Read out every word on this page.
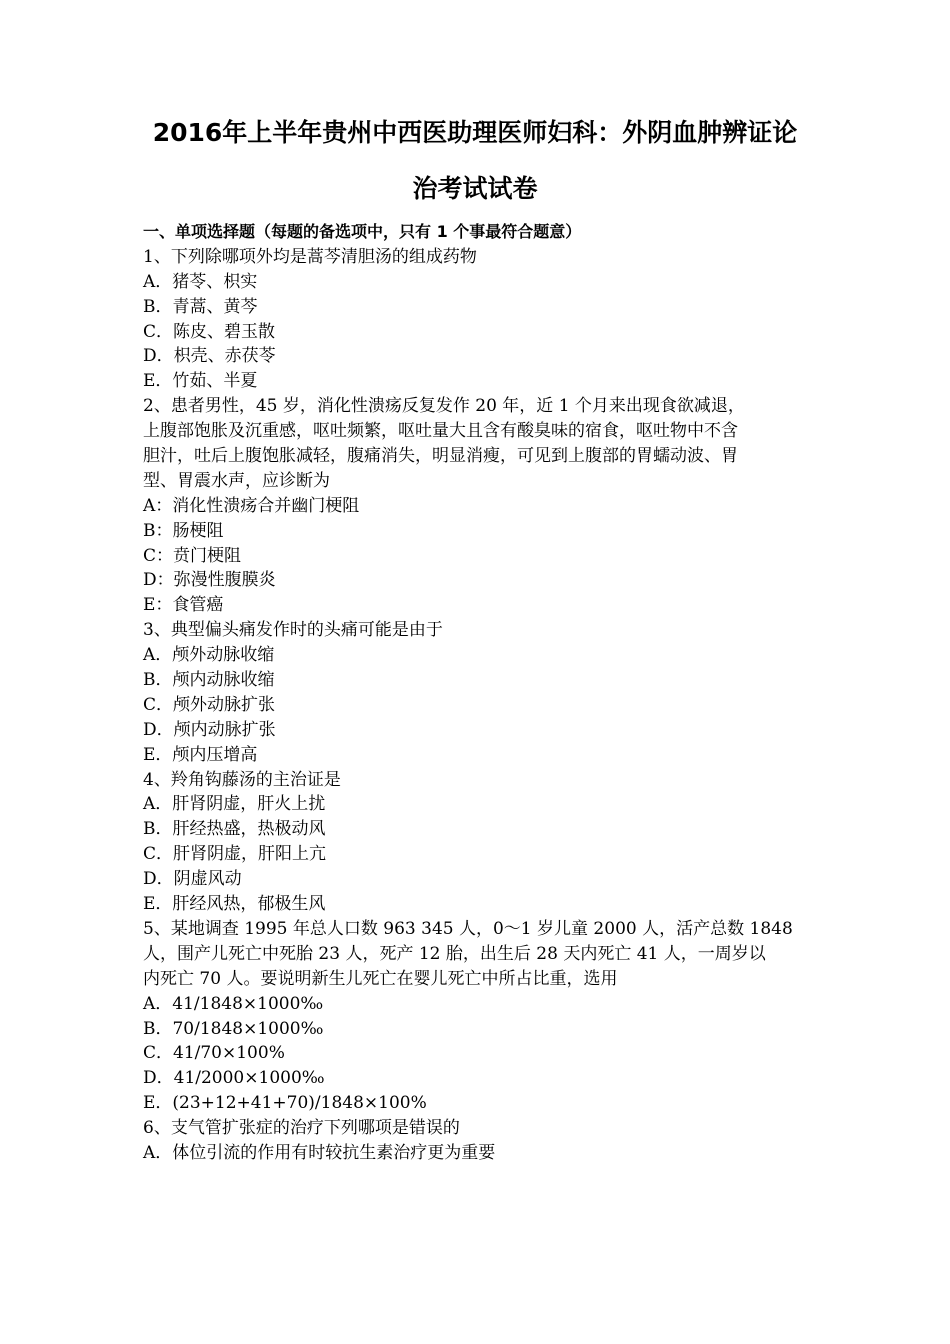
2016年上半年贵州中西医助理医师妇科：外阴血肿辨证论
治考试试卷
一、单项选择题（每题的备选项中，只有 1 个事最符合题意）
1、下列除哪项外均是蒿芩清胆汤的组成药物
A．猪苓、枳实
B．青蒿、黄芩
C．陈皮、碧玉散
D．枳壳、赤茯苓
E．竹茹、半夏
2、患者男性，45 岁，消化性溃疡反复发作 20 年，近 1 个月来出现食欲减退，
上腹部饱胀及沉重感，呕吐频繁，呕吐量大且含有酸臭味的宿食，呕吐物中不含
胆汁，吐后上腹饱胀减轻，腹痛消失，明显消瘦，可见到上腹部的胃蠕动波、胃
型、胃震水声，应诊断为
A：消化性溃疡合并幽门梗阻
B：肠梗阻
C：贲门梗阻
D：弥漫性腹膜炎
E：食管癌
3、典型偏头痛发作时的头痛可能是由于
A．颅外动脉收缩
B．颅内动脉收缩
C．颅外动脉扩张
D．颅内动脉扩张
E．颅内压增高
4、羚角钩藤汤的主治证是
A．肝肾阴虚，肝火上扰
B．肝经热盛，热极动风
C．肝肾阴虚，肝阳上亢
D．阴虚风动
E．肝经风热，郁极生风
5、某地调查 1995 年总人口数 963 345 人，0～1 岁儿童 2000 人，活产总数 1848
人，围产儿死亡中死胎 23 人，死产 12 胎，出生后 28 天内死亡 41 人，一周岁以
内死亡 70 人。要说明新生儿死亡在婴儿死亡中所占比重，选用
A．41/1848×1000‰
B．70/1848×1000‰
C．41/70×100%
D．41/2000×1000‰
E．(23+12+41+70)/1848×100%
6、支气管扩张症的治疗下列哪项是错误的
A．体位引流的作用有时较抗生素治疗更为重要
